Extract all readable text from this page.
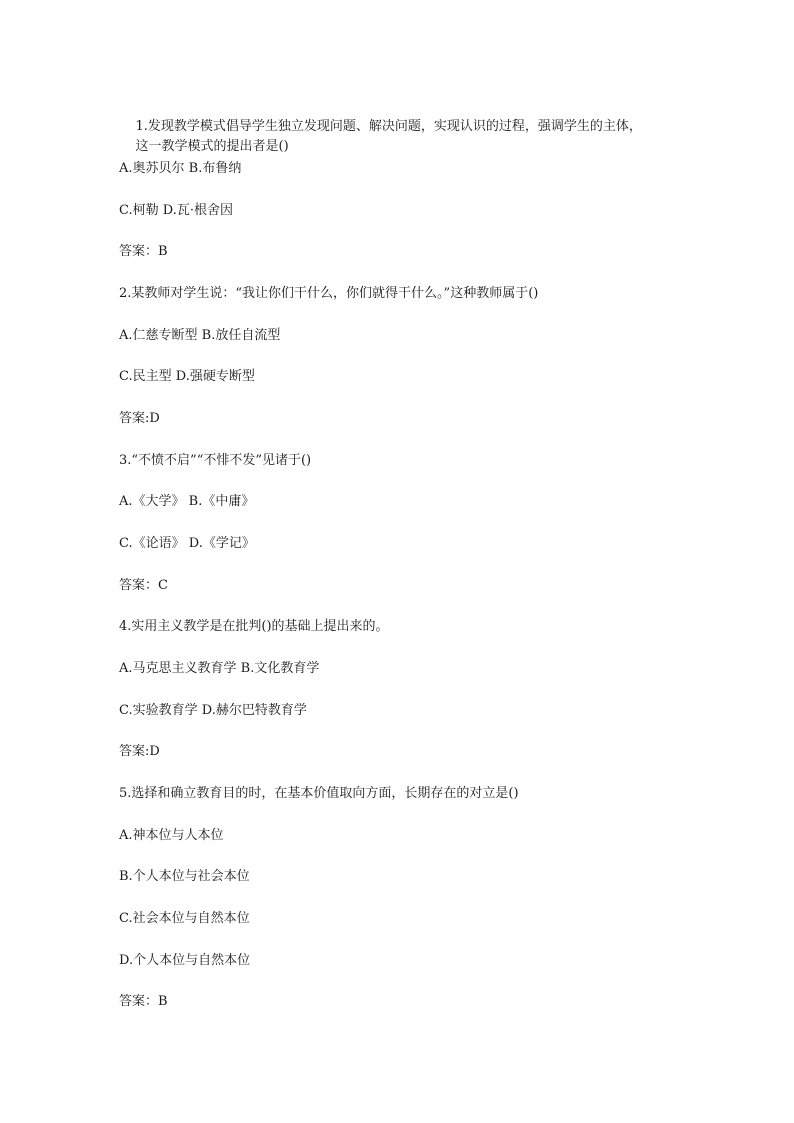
1.发现教学模式倡导学生独立发现问题、解决问题，实现认识的过程，强调学生的主体，
这一教学模式的提出者是()

A.奥苏贝尔 B.布鲁纳
C.柯勒 D.瓦·根舍因
答案：B
2.某教师对学生说：“我让你们干什么，你们就得干什么。”这种教师属于()
A.仁慈专断型 B.放任自流型
C.民主型 D.强硬专断型
答案:D
3.“不愤不启”“不悱不发”见诸于()
A.《大学》 B.《中庸》
C.《论语》 D.《学记》
答案：C
4.实用主义教学是在批判()的基础上提出来的。
A.马克思主义教育学 B.文化教育学
C.实验教育学 D.赫尔巴特教育学
答案:D
5.选择和确立教育目的时，在基本价值取向方面，长期存在的对立是()
A.神本位与人本位
B.个人本位与社会本位
C.社会本位与自然本位
D.个人本位与自然本位
答案：B
